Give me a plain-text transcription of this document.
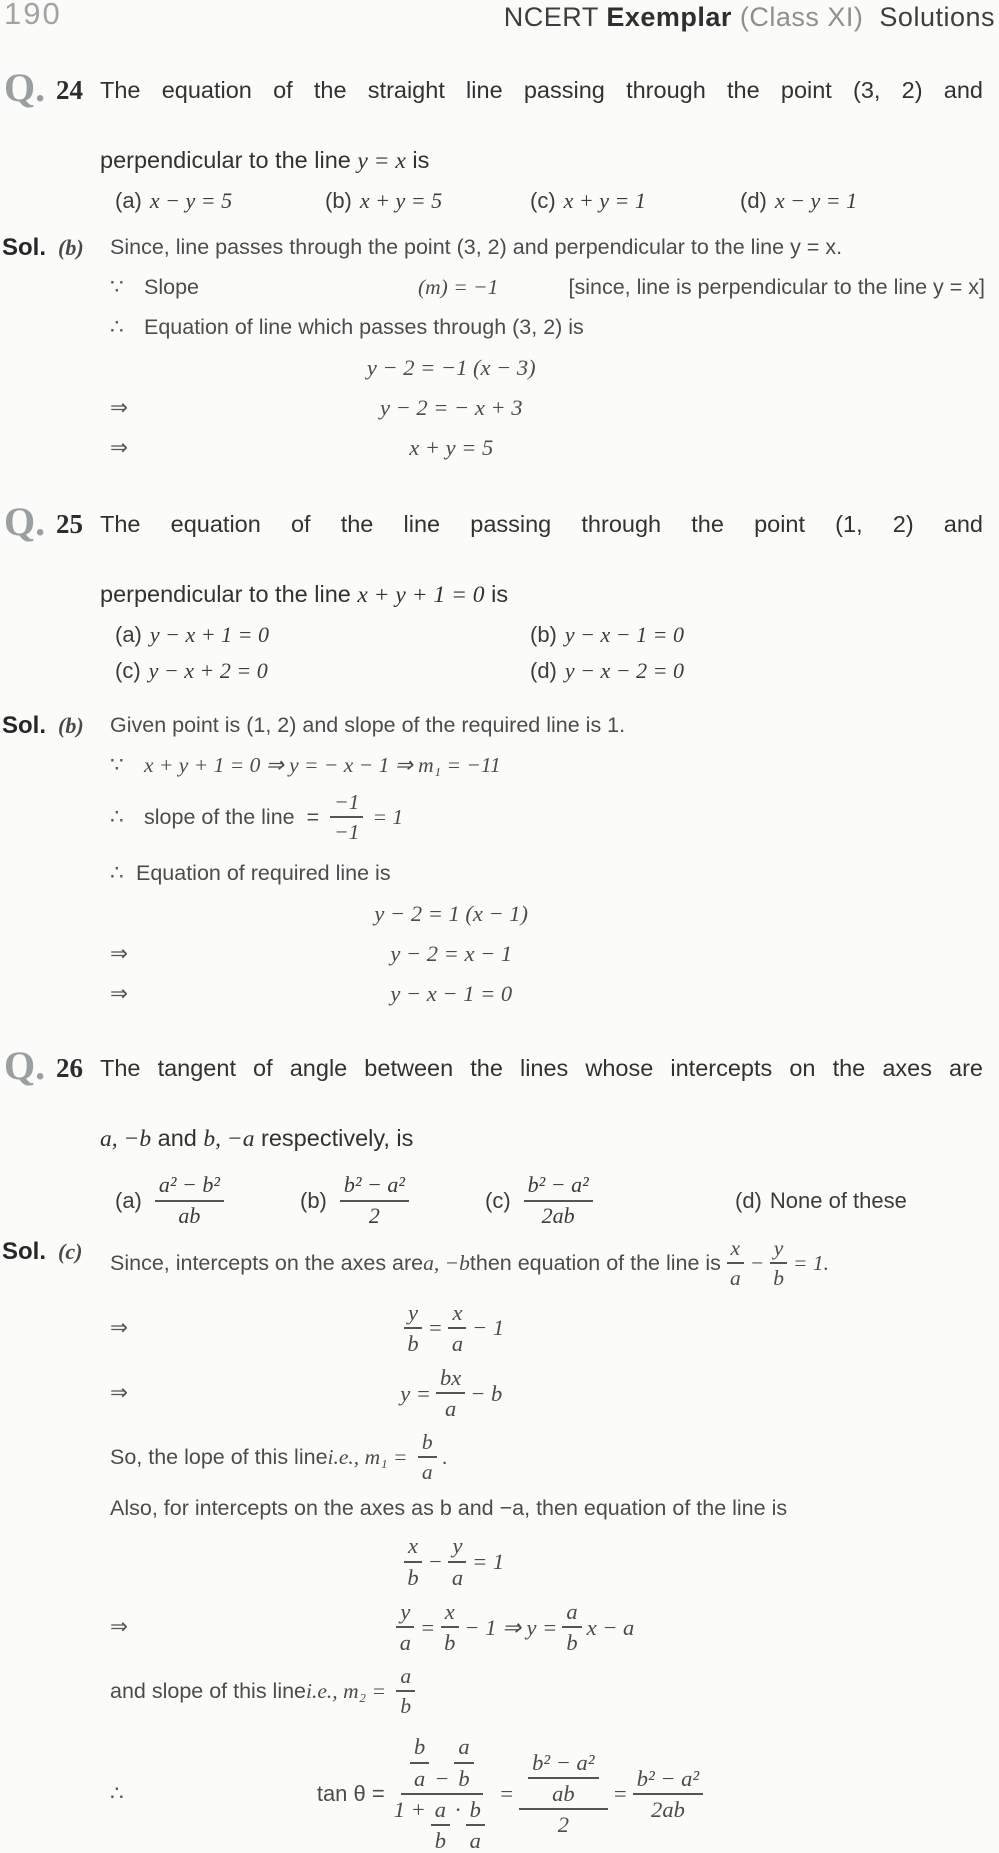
190	NCERT Exemplar (Class XI)  Solutions
Q. 24 The equation of the straight line passing through the point (3, 2) and
perpendicular to the line y = x is
(a) x − y = 5	(b) x + y = 5	(c) x + y = 1	(d) x − y = 1
Sol. (b)	Since, line passes through the point (3, 2) and perpendicular to the line y = x.
∵ Slope	(m) = −1	[since, line is perpendicular to the line y = x]
∴ Equation of line which passes through (3, 2) is
y − 2 = −1 (x − 3)
⇒	y − 2 = − x + 3
⇒	x + y = 5
Q. 25 The equation of the line passing through the point (1, 2) and
perpendicular to the line x + y + 1 = 0 is
(a) y − x + 1 = 0	(b) y − x − 1 = 0
(c) y − x + 2 = 0	(d) y − x − 2 = 0
Sol. (b)	Given point is (1, 2) and slope of the required line is 1.
∵ x + y + 1 = 0 ⇒ y = − x − 1 ⇒ m₁ = −11
∴ slope of the line = $\frac{-1}{-1} = 1$
∴ Equation of required line is
y − 2 = 1 (x − 1)
⇒	y − 2 = x − 1
⇒	y − x − 1 = 0
Q. 26 The tangent of angle between the lines whose intercepts on the axes are
a, −b and b, −a respectively, is
$(a) \frac{\text{a² − b²}}{ab}$	$(b) \frac{\text{b² − a²}}{2}$	$(c) \frac{\text{b² − a²}}{2ab}$	(d) None of these
Sol. (c)	Since, intercepts on the axes are a, −b then equation of the line is $\frac{x}{a} - \frac{y}{b} = 1$.
⇒	$\frac{y}{b} = \frac{x}{a} - 1$
⇒	$y = \frac{bx}{a} - b$
So, the lope of this line i.e., $m_1 = \frac{b}{a}$ .
Also, for intercepts on the axes as b and −a, then equation of the line is
$\frac{x}{b} - \frac{y}{a} = 1$
⇒	$\frac{y}{a} = \frac{x}{b} - 1$ ⇒ $y = \frac{a}{b}$ x − a
and slope of this line i.e., $m_2 = \frac{a}{b}$
∴	$\tan \theta = \frac{\frac{b}{a} - \frac{a}{b}}{1 + \frac{a}{b} \cdot \frac{b}{a}} = \frac{\frac{\text{b² − a²}}{ab}}{2} = \frac{\text{b² − a²}}{2ab}$
